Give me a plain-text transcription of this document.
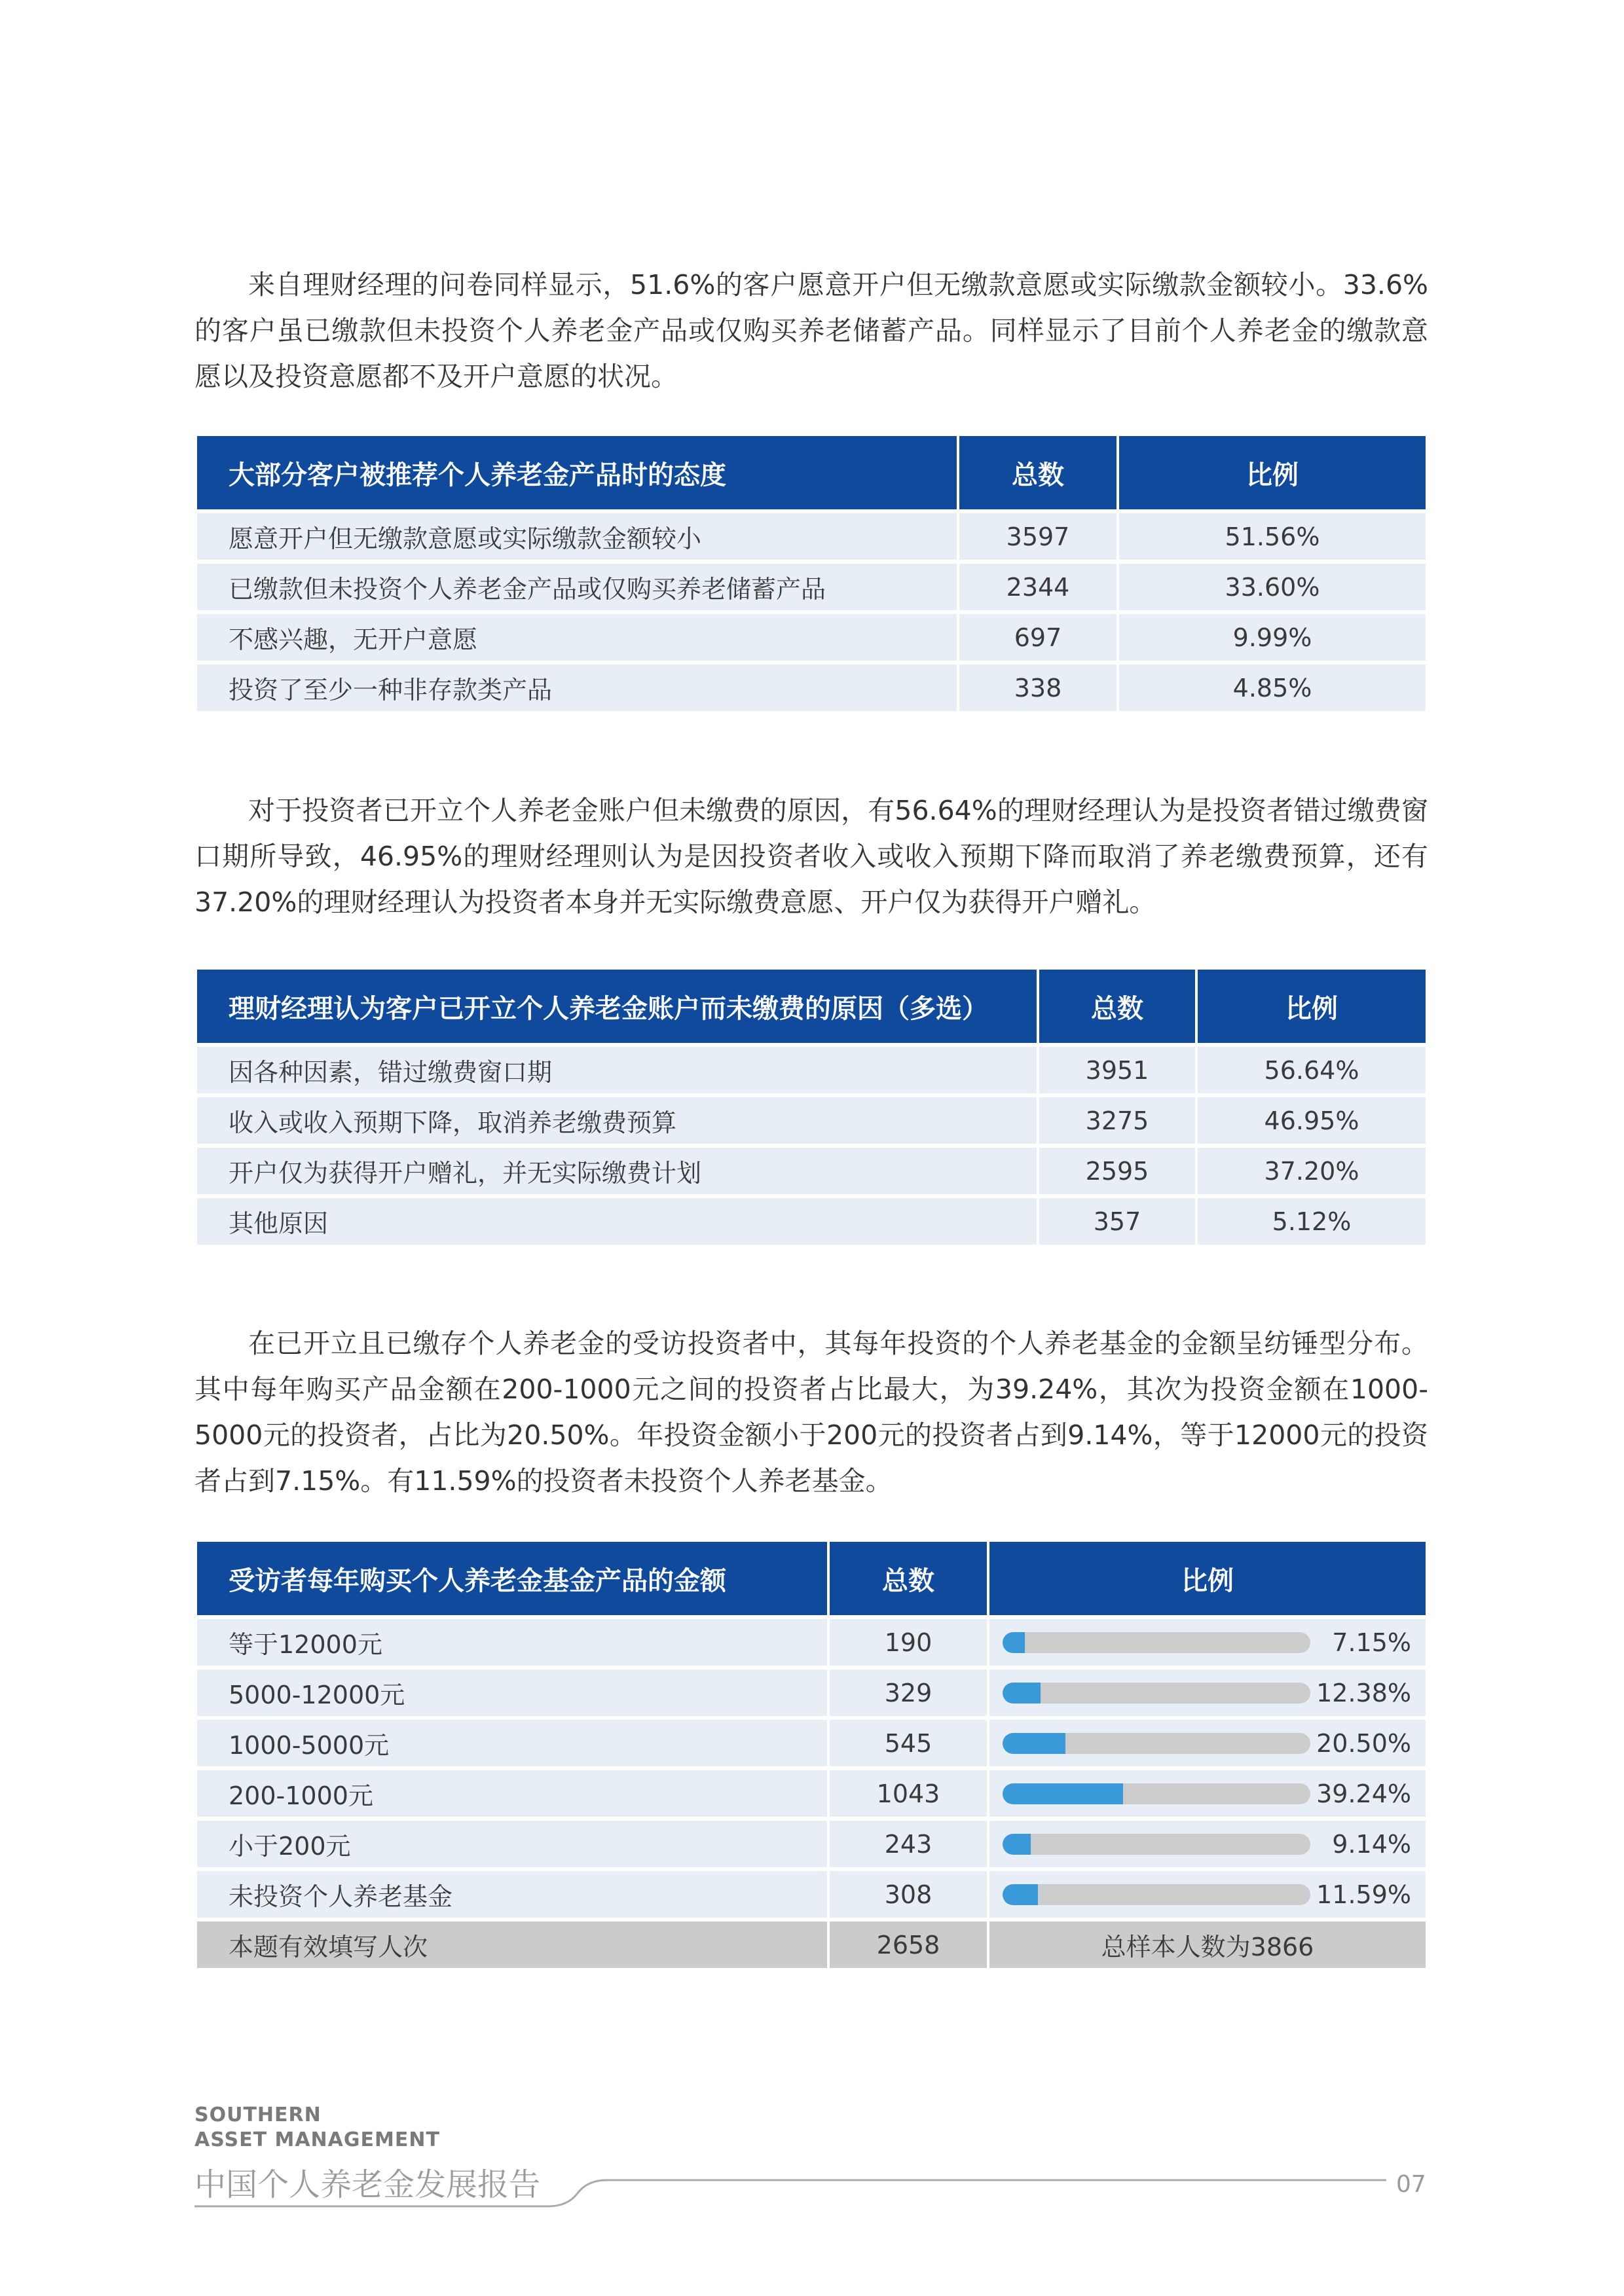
来自理财经理的问卷同样显示，51.6%的客户愿意开户但无缴款意愿或实际缴款金额较小。33.6%的客户虽已缴款但未投资个人养老金产品或仅购买养老储蓄产品。同样显示了目前个人养老金的缴款意愿以及投资意愿都不及开户意愿的状况。

大部分客户被推荐个人养老金产品时的态度	总数	比例
愿意开户但无缴款意愿或实际缴款金额较小	3597	51.56%
已缴款但未投资个人养老金产品或仅购买养老储蓄产品	2344	33.60%
不感兴趣，无开户意愿	697	9.99%
投资了至少一种非存款类产品	338	4.85%

对于投资者已开立个人养老金账户但未缴费的原因，有56.64%的理财经理认为是投资者错过缴费窗口期所导致，46.95%的理财经理则认为是因投资者收入或收入预期下降而取消了养老缴费预算，还有37.20%的理财经理认为投资者本身并无实际缴费意愿、开户仅为获得开户赠礼。

理财经理认为客户已开立个人养老金账户而未缴费的原因（多选）	总数	比例
因各种因素，错过缴费窗口期	3951	56.64%
收入或收入预期下降，取消养老缴费预算	3275	46.95%
开户仅为获得开户赠礼，并无实际缴费计划	2595	37.20%
其他原因	357	5.12%

在已开立且已缴存个人养老金的受访投资者中，其每年投资的个人养老基金的金额呈纺锤型分布。其中每年购买产品金额在200-1000元之间的投资者占比最大，为39.24%，其次为投资金额在1000-5000元的投资者，占比为20.50%。年投资金额小于200元的投资者占到9.14%，等于12000元的投资者占到7.15%。有11.59%的投资者未投资个人养老基金。

受访者每年购买个人养老金基金产品的金额	总数	比例
等于12000元	190	7.15%

5000-12000元	329	12.38%

1000-5000元	545	20.50%

200-1000元	1043	39.24%

小于200元	243	9.14%

未投资个人养老基金	308	11.59%

本题有效填写人次	2658	总样本人数为3866
SOUTHERN
ASSET MANAGEMENT
中国个人养老金发展报告	07
